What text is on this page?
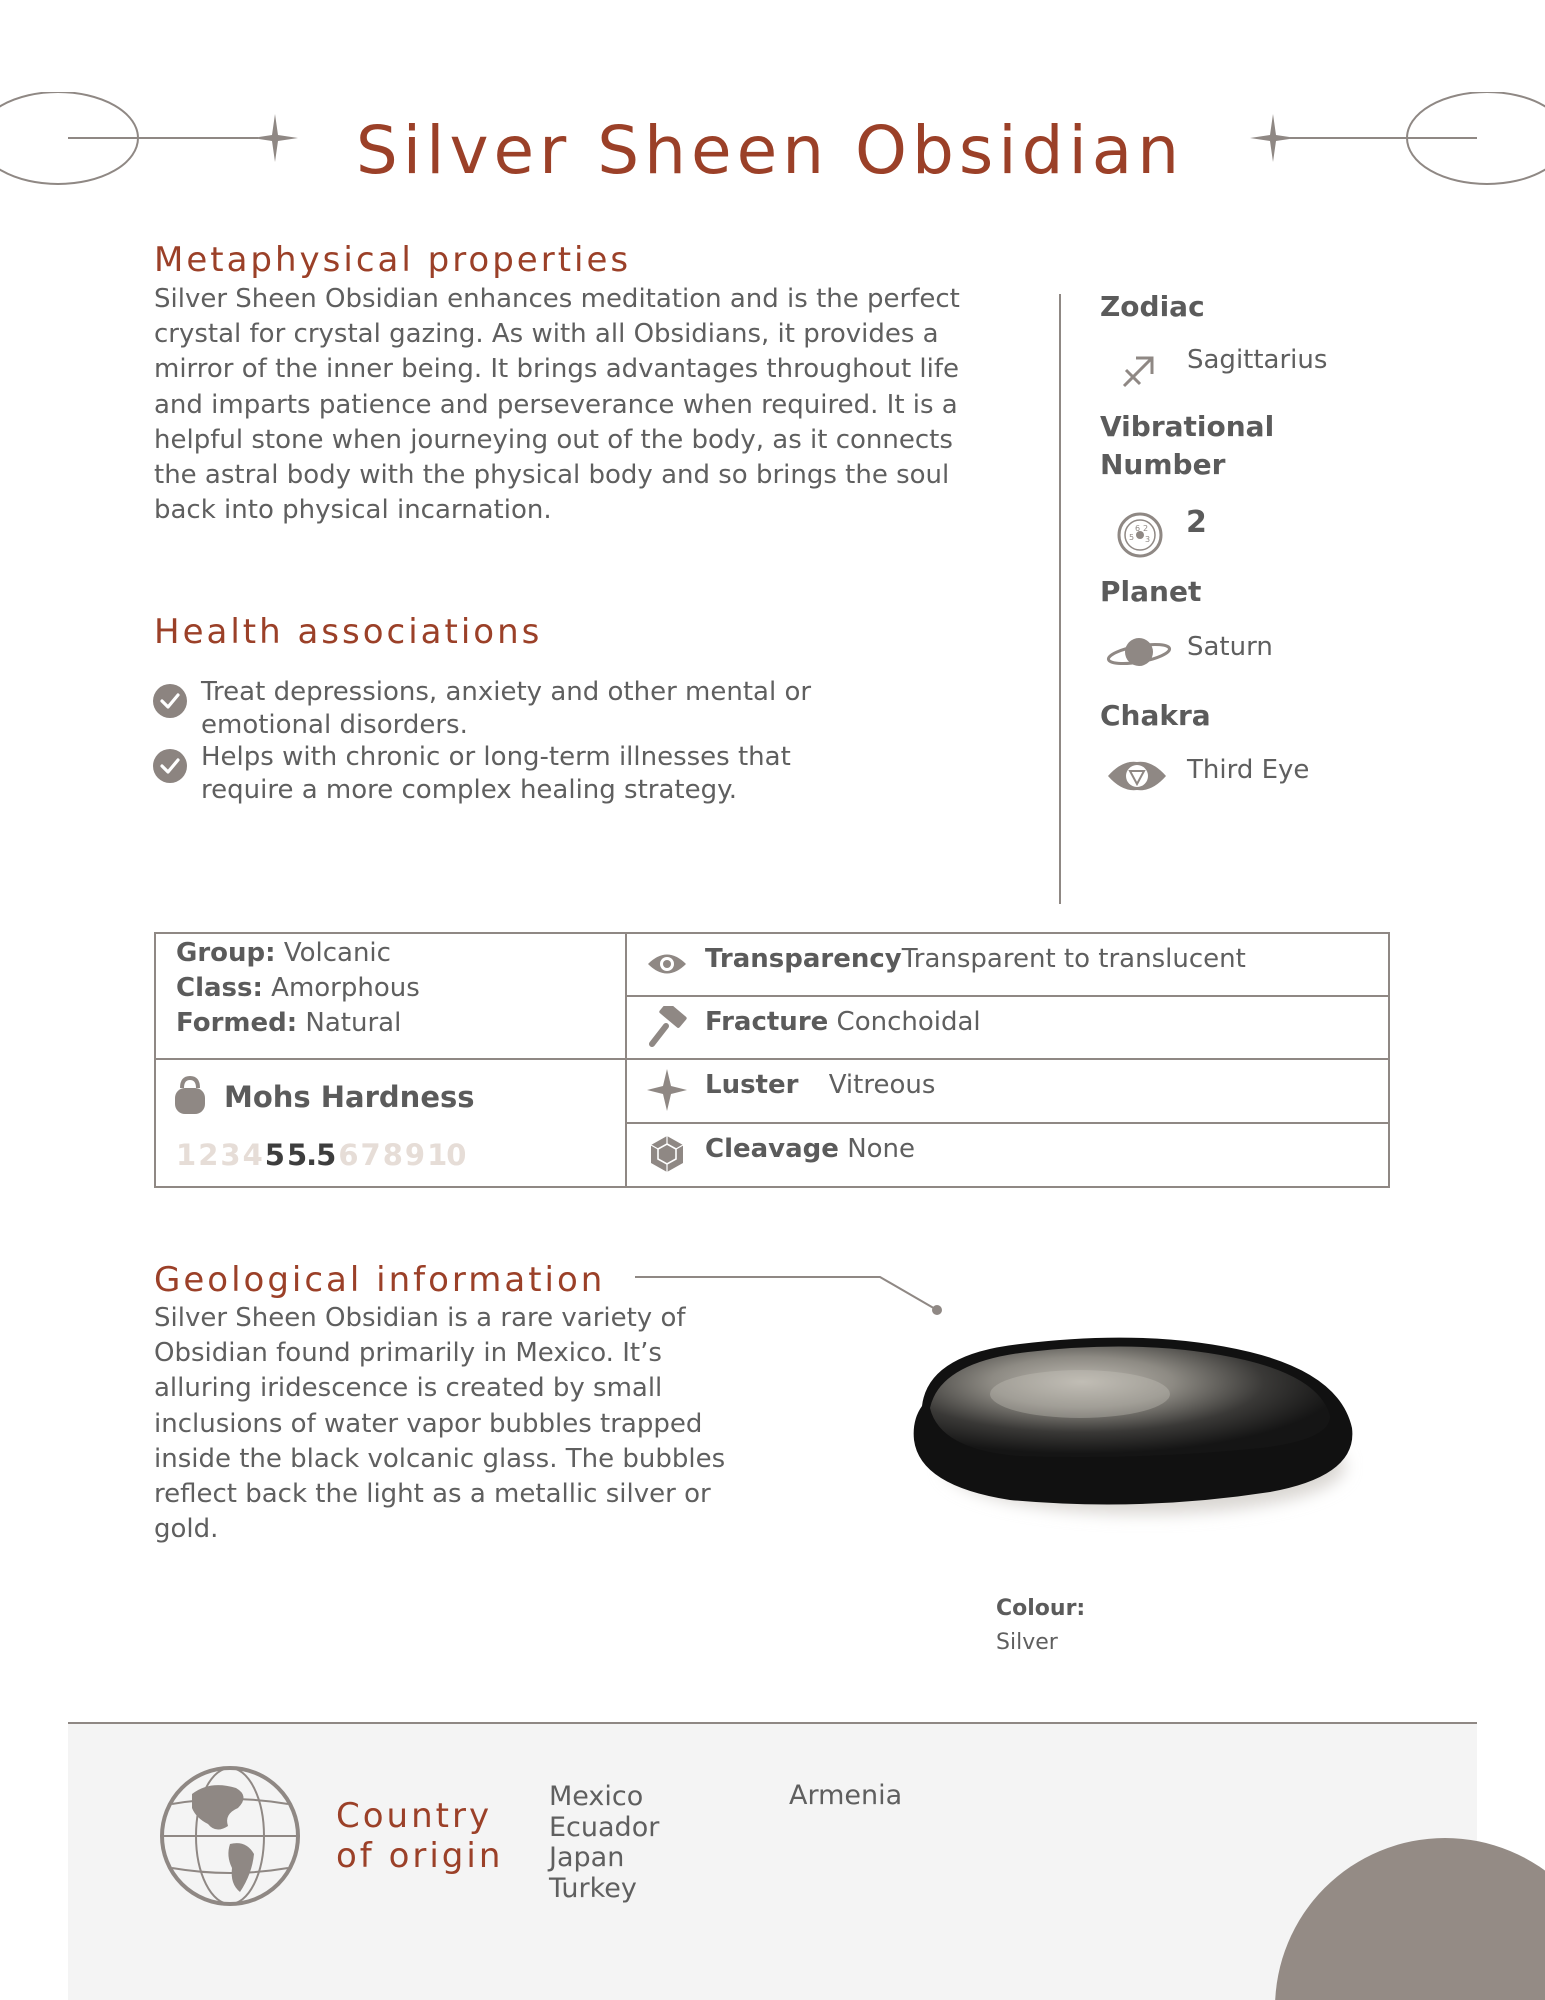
Silver Sheen Obsidian
Metaphysical properties
Silver Sheen Obsidian enhances meditation and is the perfect crystal for crystal gazing. As with all Obsidians, it provides a mirror of the inner being. It brings advantages throughout life and imparts patience and perseverance when required. It is a helpful stone when journeying out of the body, as it connects the astral body with the physical body and so brings the soul back into physical incarnation.
Health associations
Treat depressions, anxiety and other mental or emotional disorders.
Helps with chronic or long-term illnesses that require a more complex healing strategy.
Zodiac
Sagittarius
Vibrational Number
6 2
5 3 2
Planet
Saturn
Chakra
Third Eye
Group: Volcanic
Class: Amorphous
Formed: Natural
Mohs Hardness
1 2 3 4 5 5.5 6 7 8 9 10
TransparencyTransparent to translucent
Fracture Conchoidal
Luster Vitreous
Cleavage None
Geological information
Silver Sheen Obsidian is a rare variety of Obsidian found primarily in Mexico. It’s alluring iridescence is created by small inclusions of water vapor bubbles trapped inside the black volcanic glass. The bubbles reflect back the light as a metallic silver or gold.
Colour:
Silver
Country
of origin
Mexico
Ecuador
Japan
Turkey
Armenia
